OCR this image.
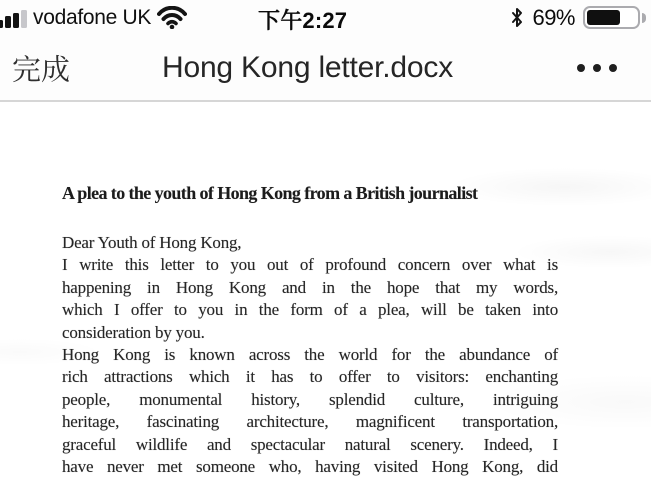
vodafone UK	下午2:27	69%
完成	Hong Kong letter.docx
A plea to the youth of Hong Kong from a British journalist
Dear Youth of Hong Kong,
I write this letter to you out of profound concern over what is
happening in Hong Kong and in the hope that my words,
which I offer to you in the form of a plea, will be taken into
consideration by you.
Hong Kong is known across the world for the abundance of
rich attractions which it has to offer to visitors: enchanting
people, monumental history, splendid culture, intriguing
heritage, fascinating architecture, magnificent transportation,
graceful wildlife and spectacular natural scenery. Indeed, I
have never met someone who, having visited Hong Kong, did
